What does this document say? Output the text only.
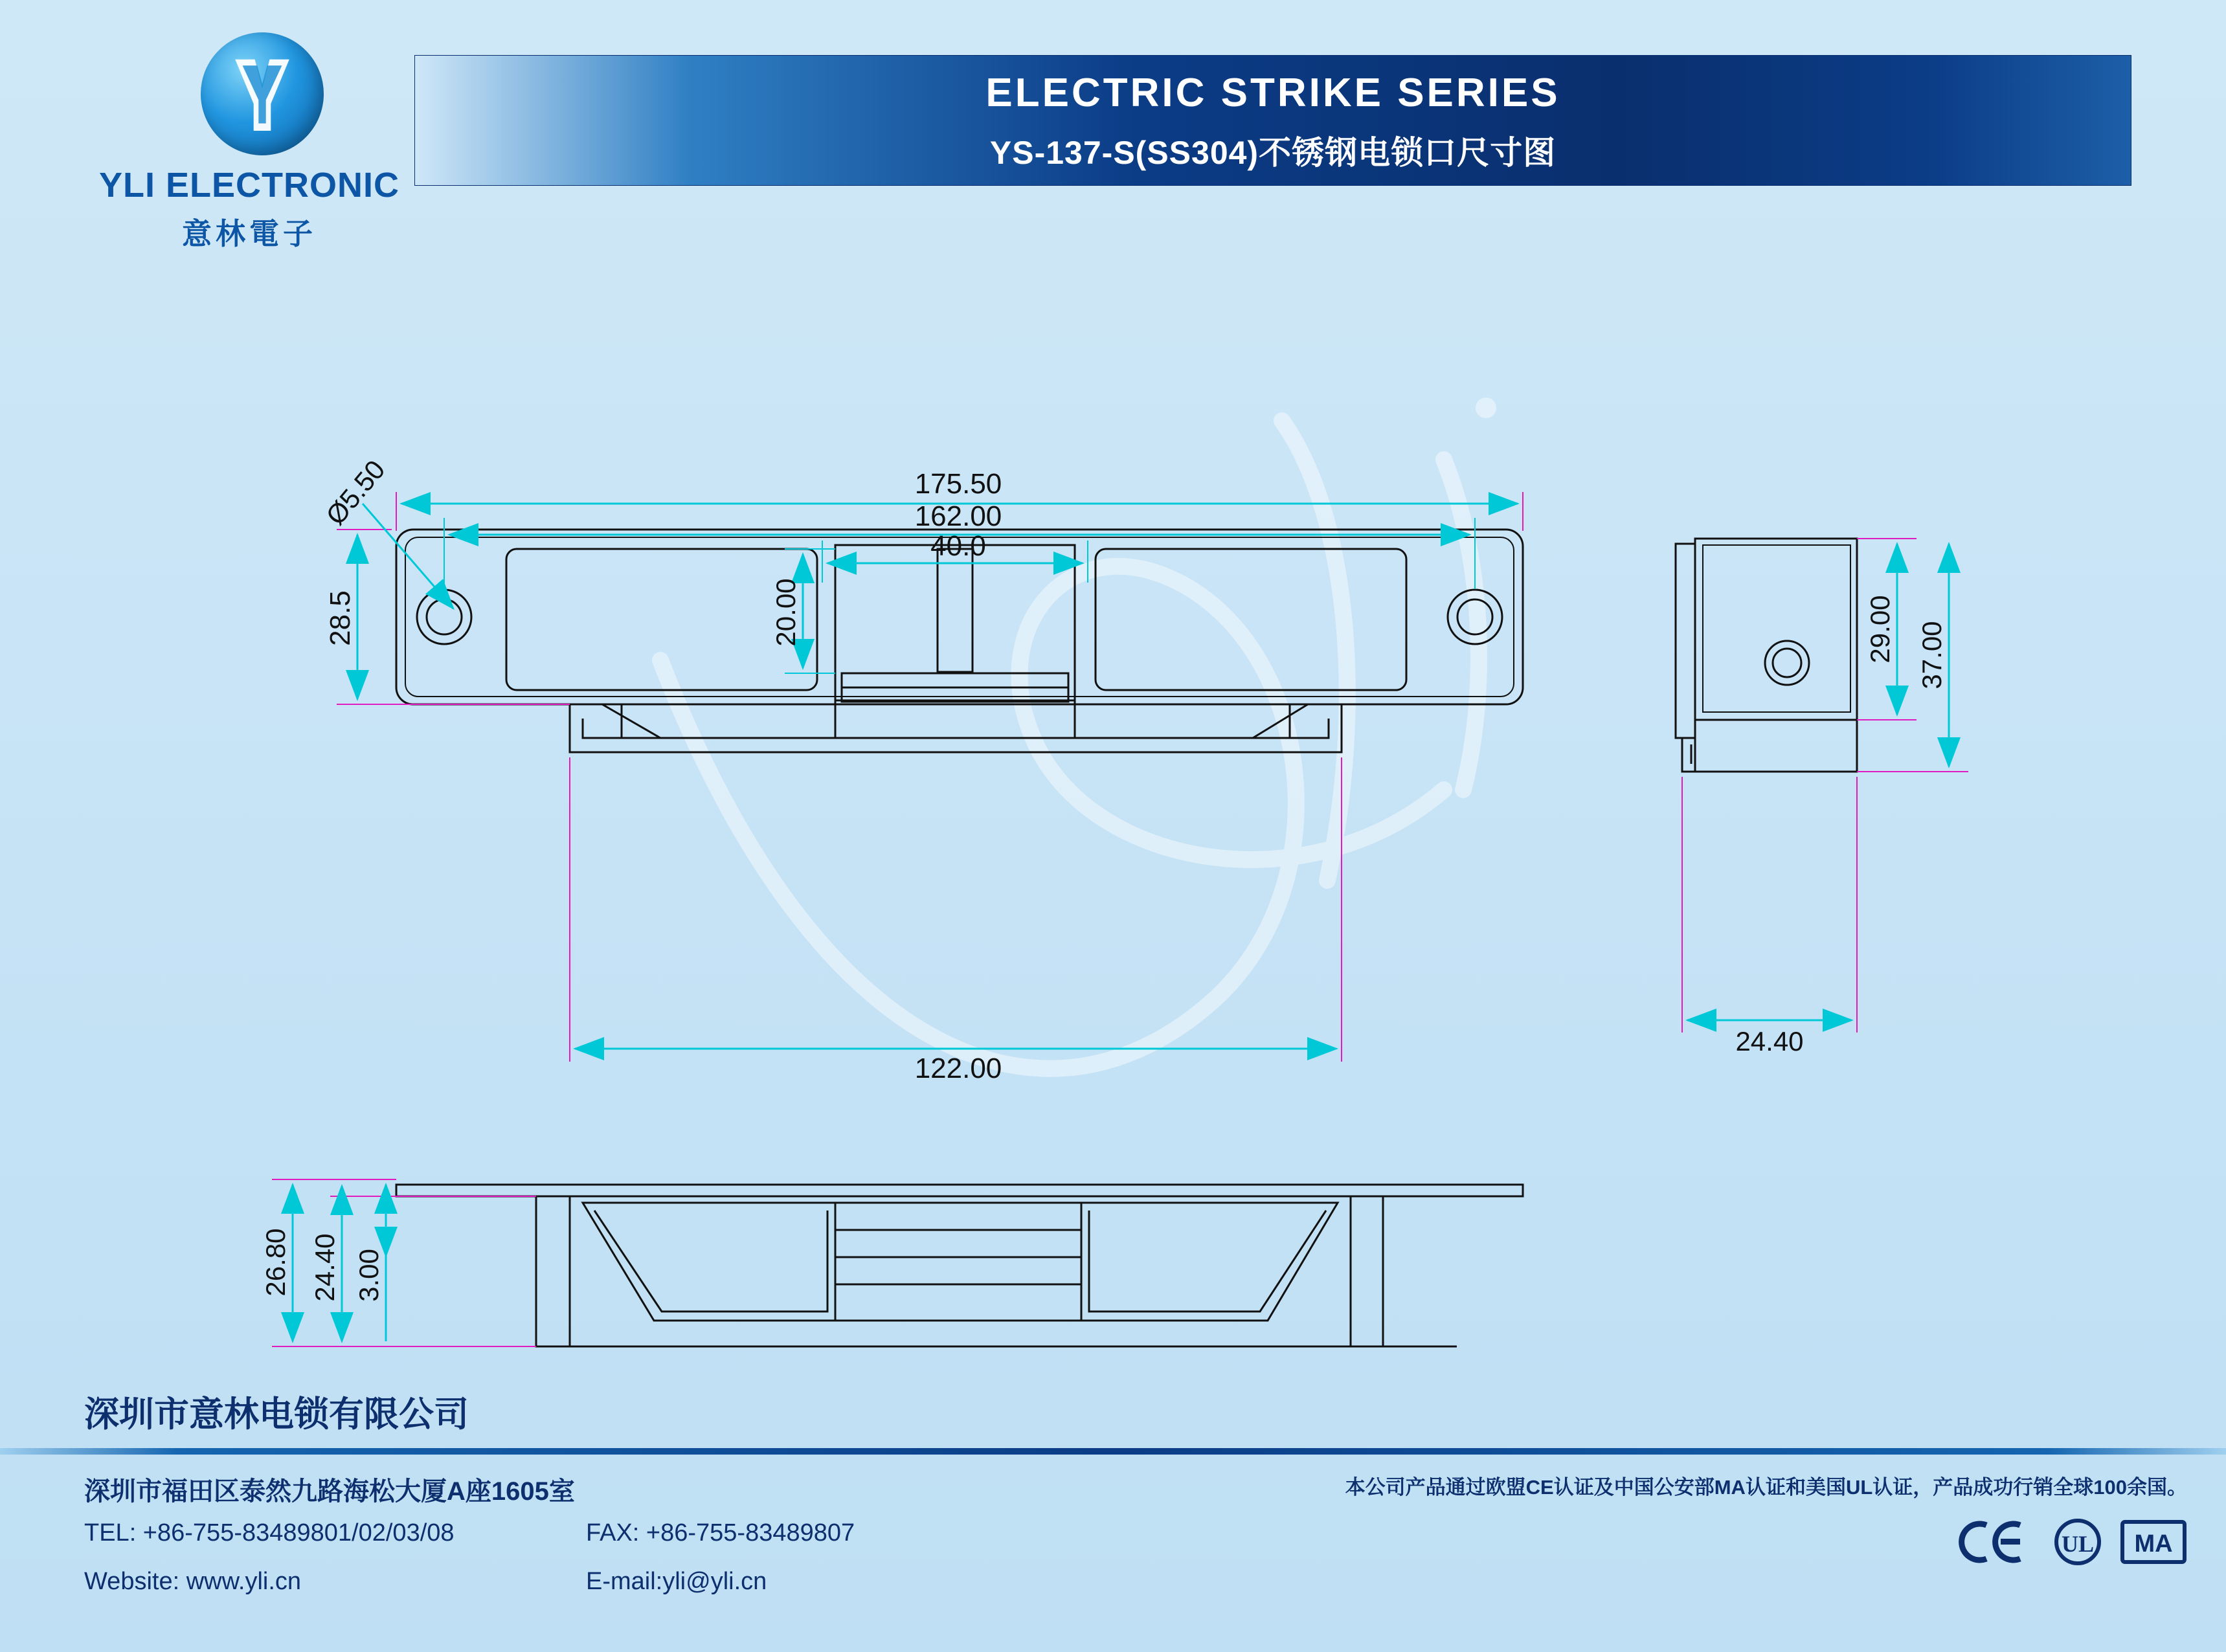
YLI ELECTRONIC
意林電子
ELECTRIC STRIKE SERIES
YS-137-S(SS304)不锈钢电锁口尺寸图
175.50
162.00
40.0
122.00
28.5	20.00
Ø5.50
29.00 37.00
24.40
26.80 24.40 3.00
深圳市意林电锁有限公司
深圳市福田区泰然九路海松大厦A座1605室
TEL: +86-755-83489801/02/03/08	FAX: +86-755-83489807
Website: www.yli.cn	E-mail:yli@yli.cn
本公司产品通过欧盟CE认证及中国公安部MA认证和美国UL认证，产品成功行销全球100余国。
UL MA
